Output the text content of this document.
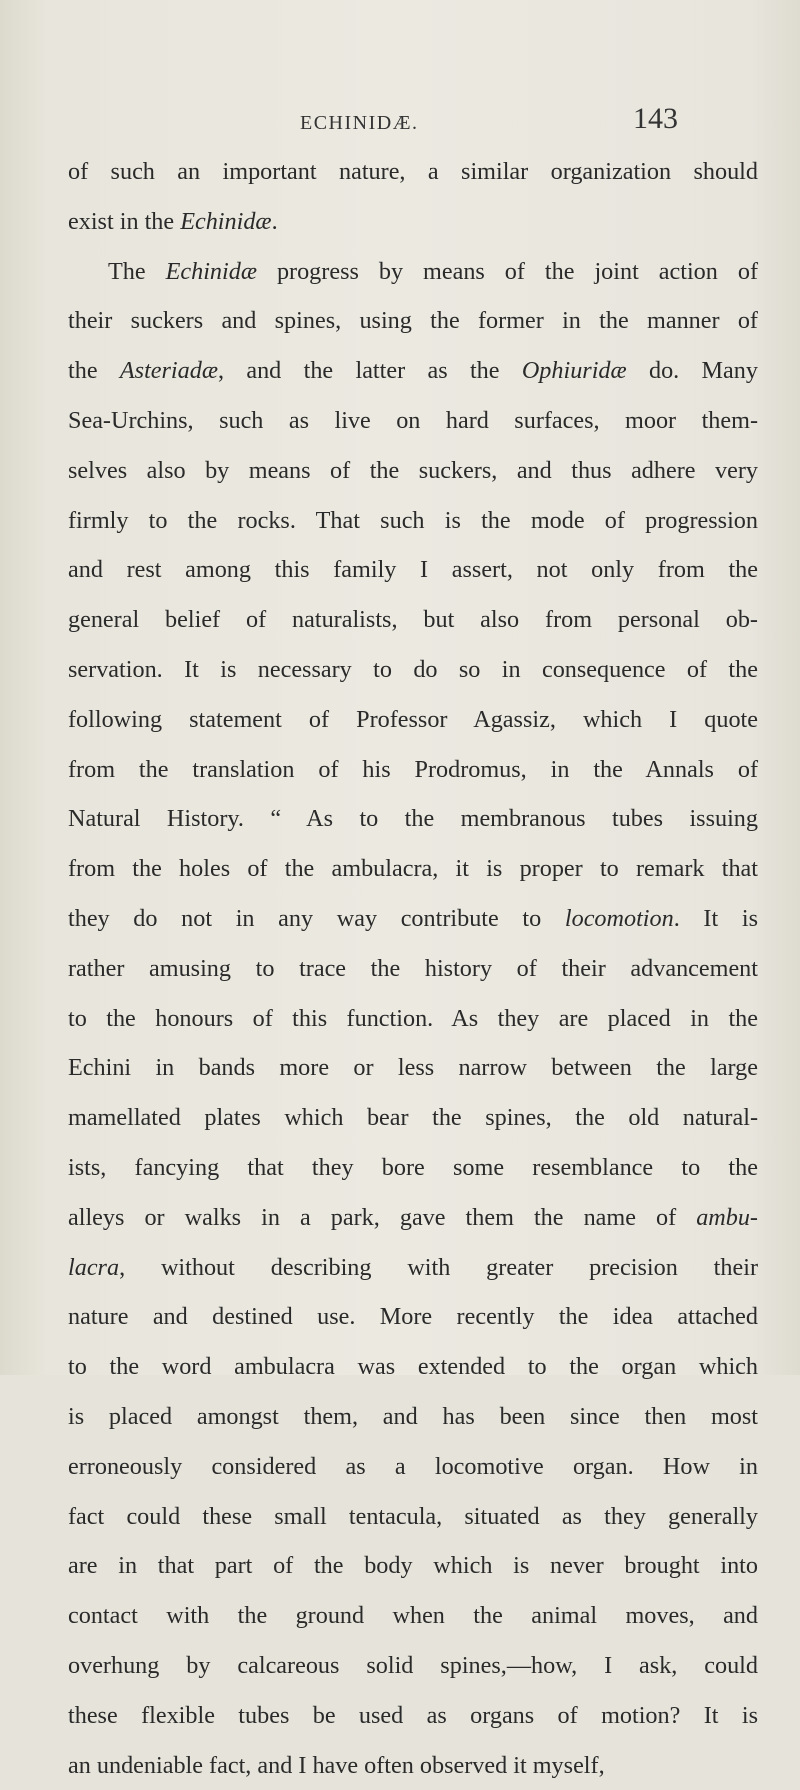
ECHINIDÆ.	143
of such an important nature, a similar organization should
exist in the Echinidæ.
The Echinidæ progress by means of the joint action of
their suckers and spines, using the former in the manner of
the Asteriadæ, and the latter as the Ophiuridæ do. Many
Sea-Urchins, such as live on hard surfaces, moor them-
selves also by means of the suckers, and thus adhere very
firmly to the rocks. That such is the mode of progression
and rest among this family I assert, not only from the
general belief of naturalists, but also from personal ob-
servation. It is necessary to do so in consequence of the
following statement of Professor Agassiz, which I quote
from the translation of his Prodromus, in the Annals of
Natural History. “ As to the membranous tubes issuing
from the holes of the ambulacra, it is proper to remark that
they do not in any way contribute to locomotion. It is
rather amusing to trace the history of their advancement
to the honours of this function. As they are placed in the
Echini in bands more or less narrow between the large
mamellated plates which bear the spines, the old natural-
ists, fancying that they bore some resemblance to the
alleys or walks in a park, gave them the name of ambu-
lacra, without describing with greater precision their
nature and destined use. More recently the idea attached
to the word ambulacra was extended to the organ which
is placed amongst them, and has been since then most
erroneously considered as a locomotive organ. How in
fact could these small tentacula, situated as they generally
are in that part of the body which is never brought into
contact with the ground when the animal moves, and
overhung by calcareous solid spines,—how, I ask, could
these flexible tubes be used as organs of motion? It is
an undeniable fact, and I have often observed it myself,
